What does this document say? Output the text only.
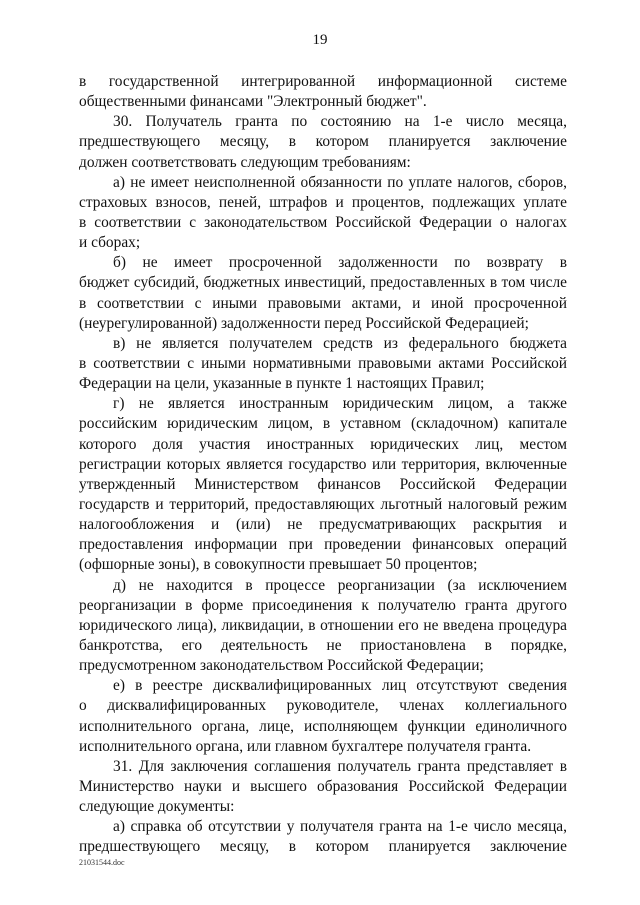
19
в государственной интегрированной информационной системе
общественными финансами "Электронный бюджет".
30. Получатель гранта по состоянию на 1-е число месяца,
предшествующего месяцу, в котором планируется заключение
должен соответствовать следующим требованиям:
а) не имеет неисполненной обязанности по уплате налогов, сборов,
страховых взносов, пеней, штрафов и процентов, подлежащих уплате
в соответствии с законодательством Российской Федерации о налогах
и сборах;
б) не имеет просроченной задолженности по возврату в
бюджет субсидий, бюджетных инвестиций, предоставленных в том числе
в соответствии с иными правовыми актами, и иной просроченной
(неурегулированной) задолженности перед Российской Федерацией;
в) не является получателем средств из федерального бюджета
в соответствии с иными нормативными правовыми актами Российской
Федерации на цели, указанные в пункте 1 настоящих Правил;
г) не является иностранным юридическим лицом, а также
российским юридическим лицом, в уставном (складочном) капитале
которого доля участия иностранных юридических лиц, местом
регистрации которых является государство или территория, включенные
утвержденный Министерством финансов Российской Федерации
государств и территорий, предоставляющих льготный налоговый режим
налогообложения и (или) не предусматривающих раскрытия и
предоставления информации при проведении финансовых операций
(офшорные зоны), в совокупности превышает 50 процентов;
д) не находится в процессе реорганизации (за исключением
реорганизации в форме присоединения к получателю гранта другого
юридического лица), ликвидации, в отношении его не введена процедура
банкротства, его деятельность не приостановлена в порядке,
предусмотренном законодательством Российской Федерации;
е) в реестре дисквалифицированных лиц отсутствуют сведения
о дисквалифицированных руководителе, членах коллегиального
исполнительного органа, лице, исполняющем функции единоличного
исполнительного органа, или главном бухгалтере получателя гранта.
31. Для заключения соглашения получатель гранта представляет в
Министерство науки и высшего образования Российской Федерации
следующие документы:
а) справка об отсутствии у получателя гранта на 1-е число месяца,
предшествующего месяцу, в котором планируется заключение
21031544.doc
